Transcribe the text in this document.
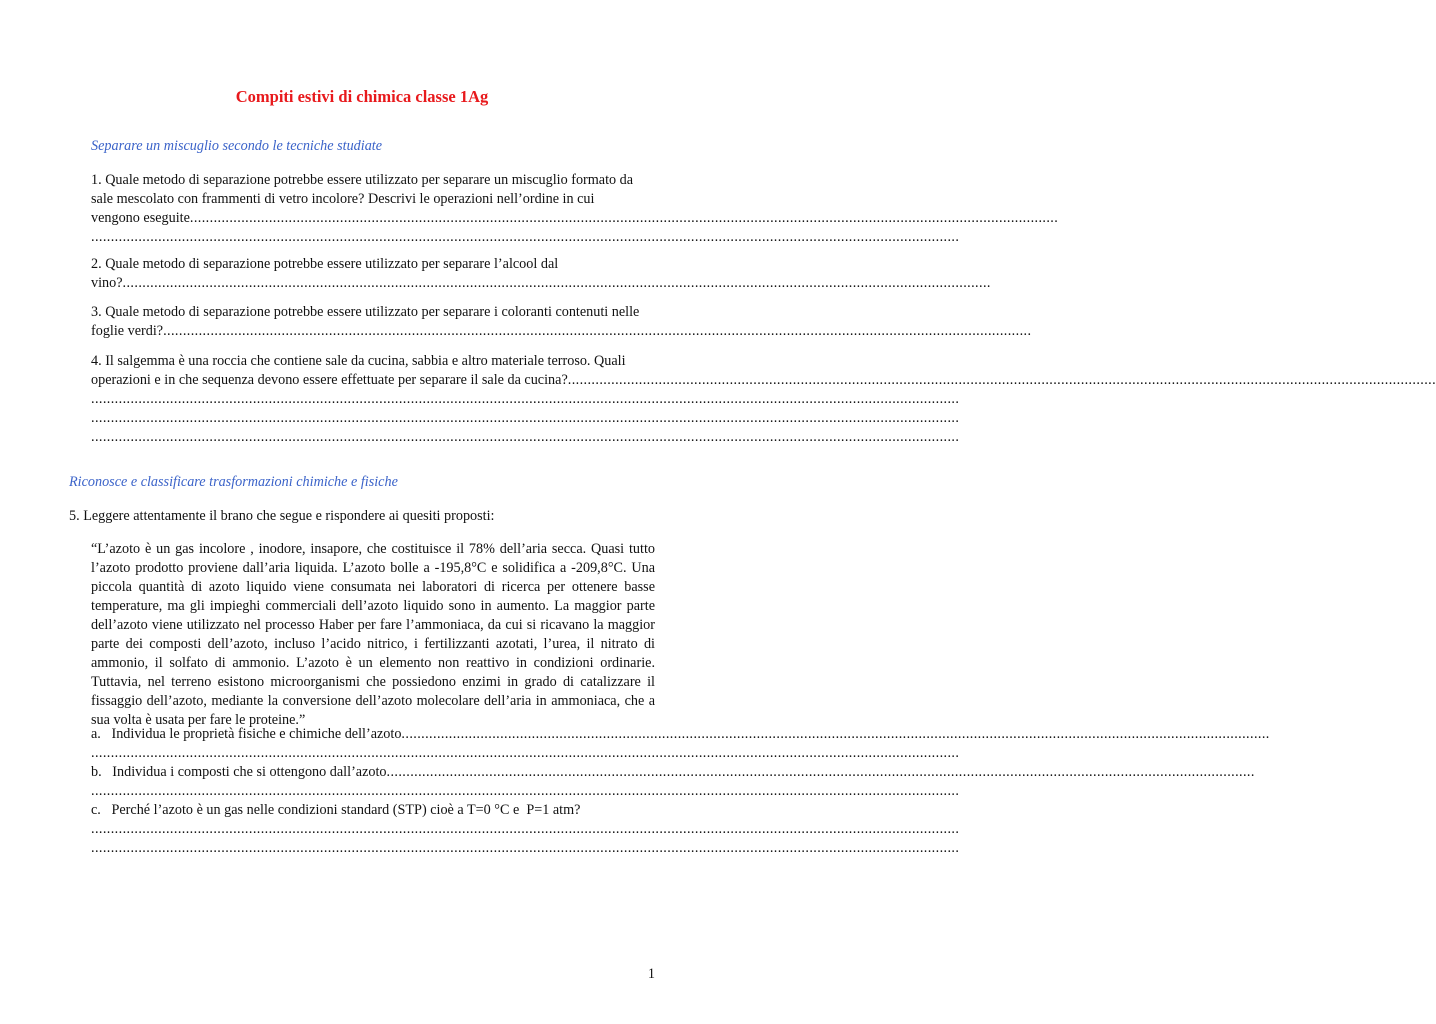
Compiti estivi di chimica classe 1Ag
Separare un miscuglio secondo le tecniche studiate

1. Quale metodo di separazione potrebbe essere utilizzato per separare un miscuglio formato da

sale mescolato con frammenti di vetro incolore? Descrivi le operazioni nell’ordine in cui

vengono eseguite ............................................................................................................................................................................................................................
............................................................................................................................................................................................................................

2. Quale metodo di separazione potrebbe essere utilizzato per separare l’alcool dal

vino? ............................................................................................................................................................................................................................

3. Quale metodo di separazione potrebbe essere utilizzato per separare i coloranti contenuti nelle

foglie verdi? ............................................................................................................................................................................................................................

4. Il salgemma è una roccia che contiene sale da cucina, sabbia e altro materiale terroso. Quali

operazioni e in che sequenza devono essere effettuate per separare il sale da cucina? ............................................................................................................................................................................................................................
............................................................................................................................................................................................................................
............................................................................................................................................................................................................................
............................................................................................................................................................................................................................
Riconosce e classificare trasformazioni chimiche e fisiche
5. Leggere attentamente il brano che segue e rispondere ai quesiti proposti:
“L’azoto è un gas incolore , inodore, insapore, che costituisce il 78% dell’aria secca. Quasi tutto l’azoto prodotto proviene dall’aria liquida. L’azoto bolle a -195,8°C e solidifica a -209,8°C. Una piccola quantità di azoto liquido viene consumata nei laboratori di ricerca per ottenere basse temperature, ma gli impieghi commerciali dell’azoto liquido sono in aumento. La maggior parte dell’azoto viene utilizzato nel processo Haber per fare l’ammoniaca, da cui si ricavano la maggior parte dei composti dell’azoto, incluso l’acido nitrico, i fertilizzanti azotati, l’urea, il nitrato di ammonio, il solfato di ammonio. L’azoto è un elemento non reattivo in condizioni ordinarie. Tuttavia, nel terreno esistono microorganismi che possiedono enzimi in grado di catalizzare il fissaggio dell’azoto, mediante la conversione dell’azoto molecolare dell’aria in ammoniaca, che a sua volta è usata per fare le proteine.”
a.   Individua le proprietà fisiche e chimiche dell’azoto ............................................................................................................................................................................................................................
............................................................................................................................................................................................................................
b.   Individua i composti che si ottengono dall’azoto ............................................................................................................................................................................................................................
............................................................................................................................................................................................................................
c.   Perché l’azoto è un gas nelle condizioni standard (STP) cioè a T=0 °C e  P=1 atm?
............................................................................................................................................................................................................................
............................................................................................................................................................................................................................
1
